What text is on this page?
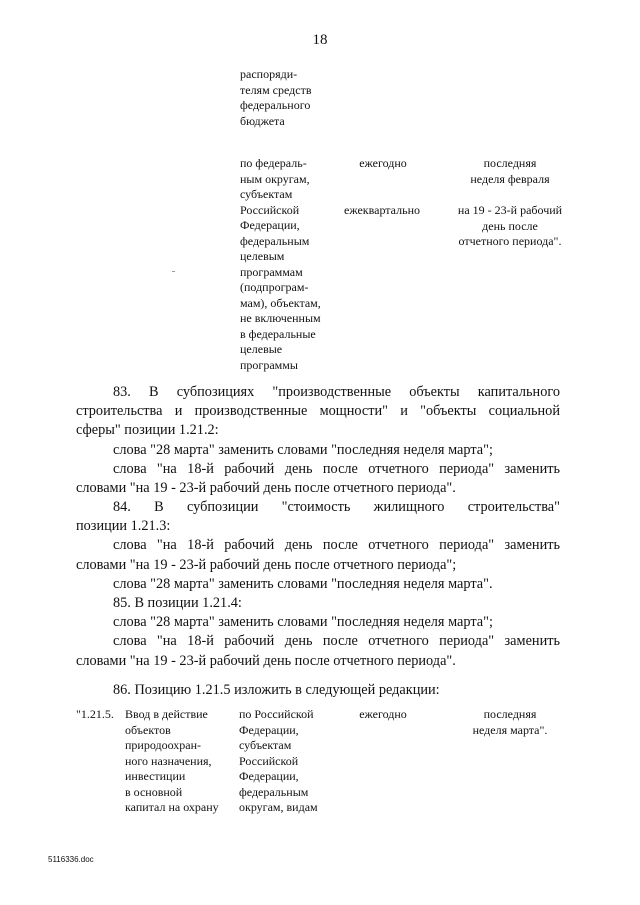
18
распоряди-
телям средств
федерального
бюджета
по федераль-
ным округам,
субъектам
Российской
Федерации,
федеральным
целевым
программам
(подпрограм-
мам), объектам,
не включенным
в федеральные
целевые
программы
ежегодно	последняя
неделя февраля
ежеквартально	на 19 - 23-й рабочий
день после
отчетного периода".
83. В субпозициях "производственные объекты капитального
строительства и производственные мощности" и "объекты социальной
сферы" позиции 1.21.2:
слова "28 марта" заменить словами "последняя неделя марта";
слова "на 18-й рабочий день после отчетного периода" заменить
словами "на 19 - 23-й рабочий день после отчетного периода".
84. В субпозиции "стоимость жилищного строительства"
позиции 1.21.3:
слова "на 18-й рабочий день после отчетного периода" заменить
словами "на 19 - 23-й рабочий день после отчетного периода";
слова "28 марта" заменить словами "последняя неделя марта".
85. В позиции 1.21.4:
слова "28 марта" заменить словами "последняя неделя марта";
слова "на 18-й рабочий день после отчетного периода" заменить
словами "на 19 - 23-й рабочий день после отчетного периода".
86. Позицию 1.21.5 изложить в следующей редакции:
"1.21.5. Ввод в действие
объектов
природоохран-
ного назначения,
инвестиции
в основной
капитал на охрану
по Российской
Федерации,
субъектам
Российской
Федерации,
федеральным
округам, видам
ежегодно	последняя
неделя марта".
5116336.doc
